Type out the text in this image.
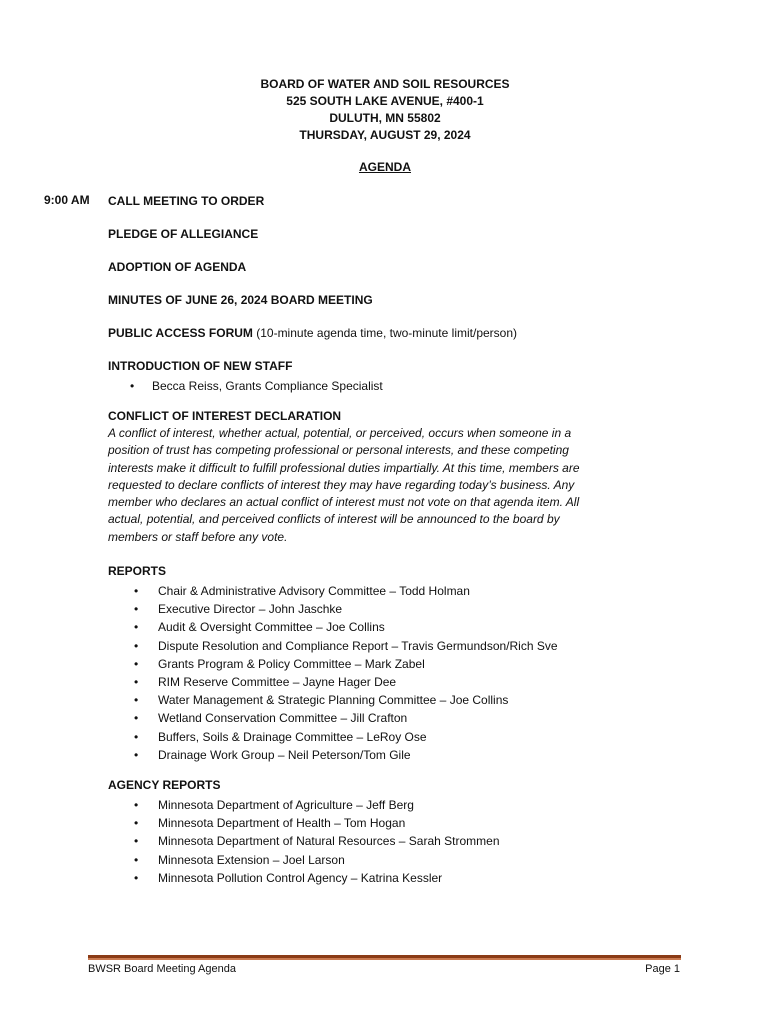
BOARD OF WATER AND SOIL RESOURCES
525 SOUTH LAKE AVENUE, #400-1
DULUTH, MN 55802
THURSDAY, AUGUST 29, 2024
AGENDA
9:00 AM CALL MEETING TO ORDER
PLEDGE OF ALLEGIANCE
ADOPTION OF AGENDA
MINUTES OF JUNE 26, 2024 BOARD MEETING
PUBLIC ACCESS FORUM (10-minute agenda time, two-minute limit/person)
INTRODUCTION OF NEW STAFF
• Becca Reiss, Grants Compliance Specialist
CONFLICT OF INTEREST DECLARATION
A conflict of interest, whether actual, potential, or perceived, occurs when someone in a position of trust has competing professional or personal interests, and these competing interests make it difficult to fulfill professional duties impartially. At this time, members are requested to declare conflicts of interest they may have regarding today’s business. Any member who declares an actual conflict of interest must not vote on that agenda item. All actual, potential, and perceived conflicts of interest will be announced to the board by members or staff before any vote.
REPORTS
• Chair & Administrative Advisory Committee – Todd Holman
• Executive Director – John Jaschke
• Audit & Oversight Committee – Joe Collins
• Dispute Resolution and Compliance Report – Travis Germundson/Rich Sve
• Grants Program & Policy Committee – Mark Zabel
• RIM Reserve Committee – Jayne Hager Dee
• Water Management & Strategic Planning Committee – Joe Collins
• Wetland Conservation Committee – Jill Crafton
• Buffers, Soils & Drainage Committee – LeRoy Ose
• Drainage Work Group – Neil Peterson/Tom Gile
AGENCY REPORTS
• Minnesota Department of Agriculture – Jeff Berg
• Minnesota Department of Health – Tom Hogan
• Minnesota Department of Natural Resources – Sarah Strommen
• Minnesota Extension – Joel Larson
• Minnesota Pollution Control Agency – Katrina Kessler
BWSR Board Meeting Agenda	Page 1
